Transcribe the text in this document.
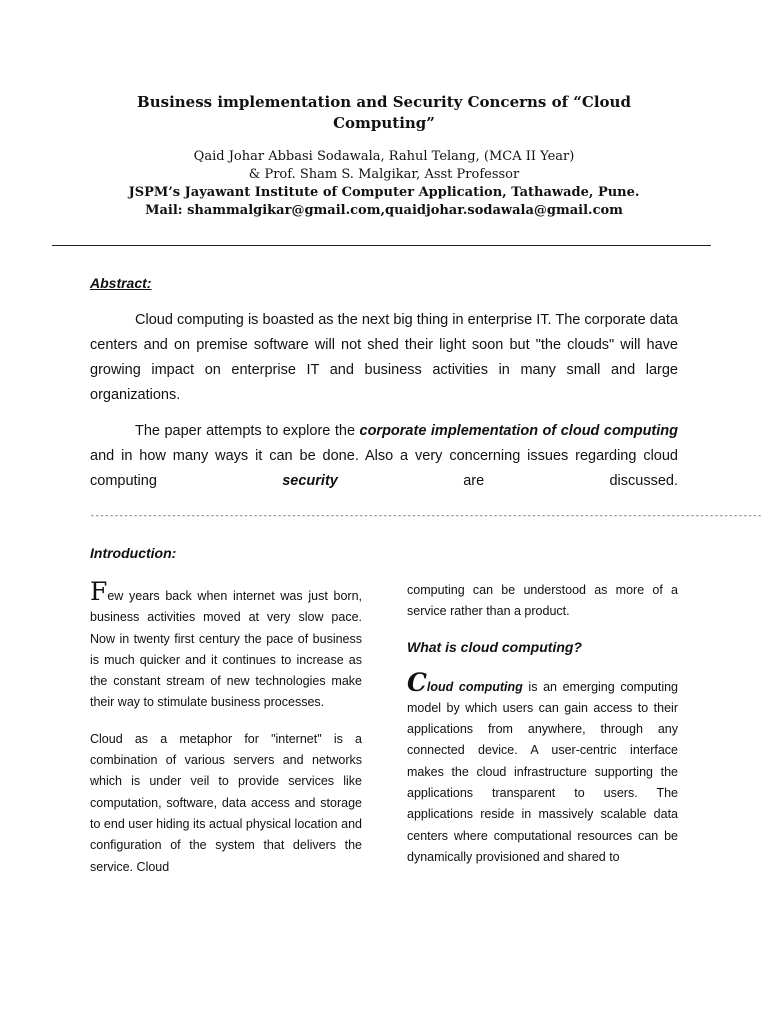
Business implementation and Security Concerns of “Cloud Computing”
Qaid Johar Abbasi Sodawala, Rahul Telang, (MCA II Year)
& Prof. Sham S. Malgikar, Asst Professor
JSPM’s Jayawant Institute of Computer Application, Tathawade, Pune.
Mail: shammalgikar@gmail.com,quaidjohar.sodawala@gmail.com
Abstract:

Cloud computing is boasted as the next big thing in enterprise IT. The corporate data centers and on premise software will not shed their light soon but "the clouds" will have growing impact on enterprise IT and business activities in many small and large organizations.

The paper attempts to explore the corporate implementation of cloud computing and in how many ways it can be done. Also a very concerning issues regarding cloud computing security are discussed.

--------------------------------------------------------------------------------------------------------------------------------------------
Introduction:

Few years back when internet was just born, business activities moved at very slow pace. Now in twenty first century the pace of business is much quicker and it continues to increase as the constant stream of new technologies make their way to stimulate business processes.

Cloud as a metaphor for "internet" is a combination of various servers and networks which is under veil to provide services like computation, software, data access and storage to end user hiding its actual physical location and configuration of the system that delivers the service. Cloud

computing can be understood as more of a service rather than a product.

What is cloud computing?

Cloud computing is an emerging computing model by which users can gain access to their applications from anywhere, through any connected device. A user-centric interface makes the cloud infrastructure supporting the applications transparent to users. The applications reside in massively scalable data centers where computational resources can be dynamically provisioned and shared to
